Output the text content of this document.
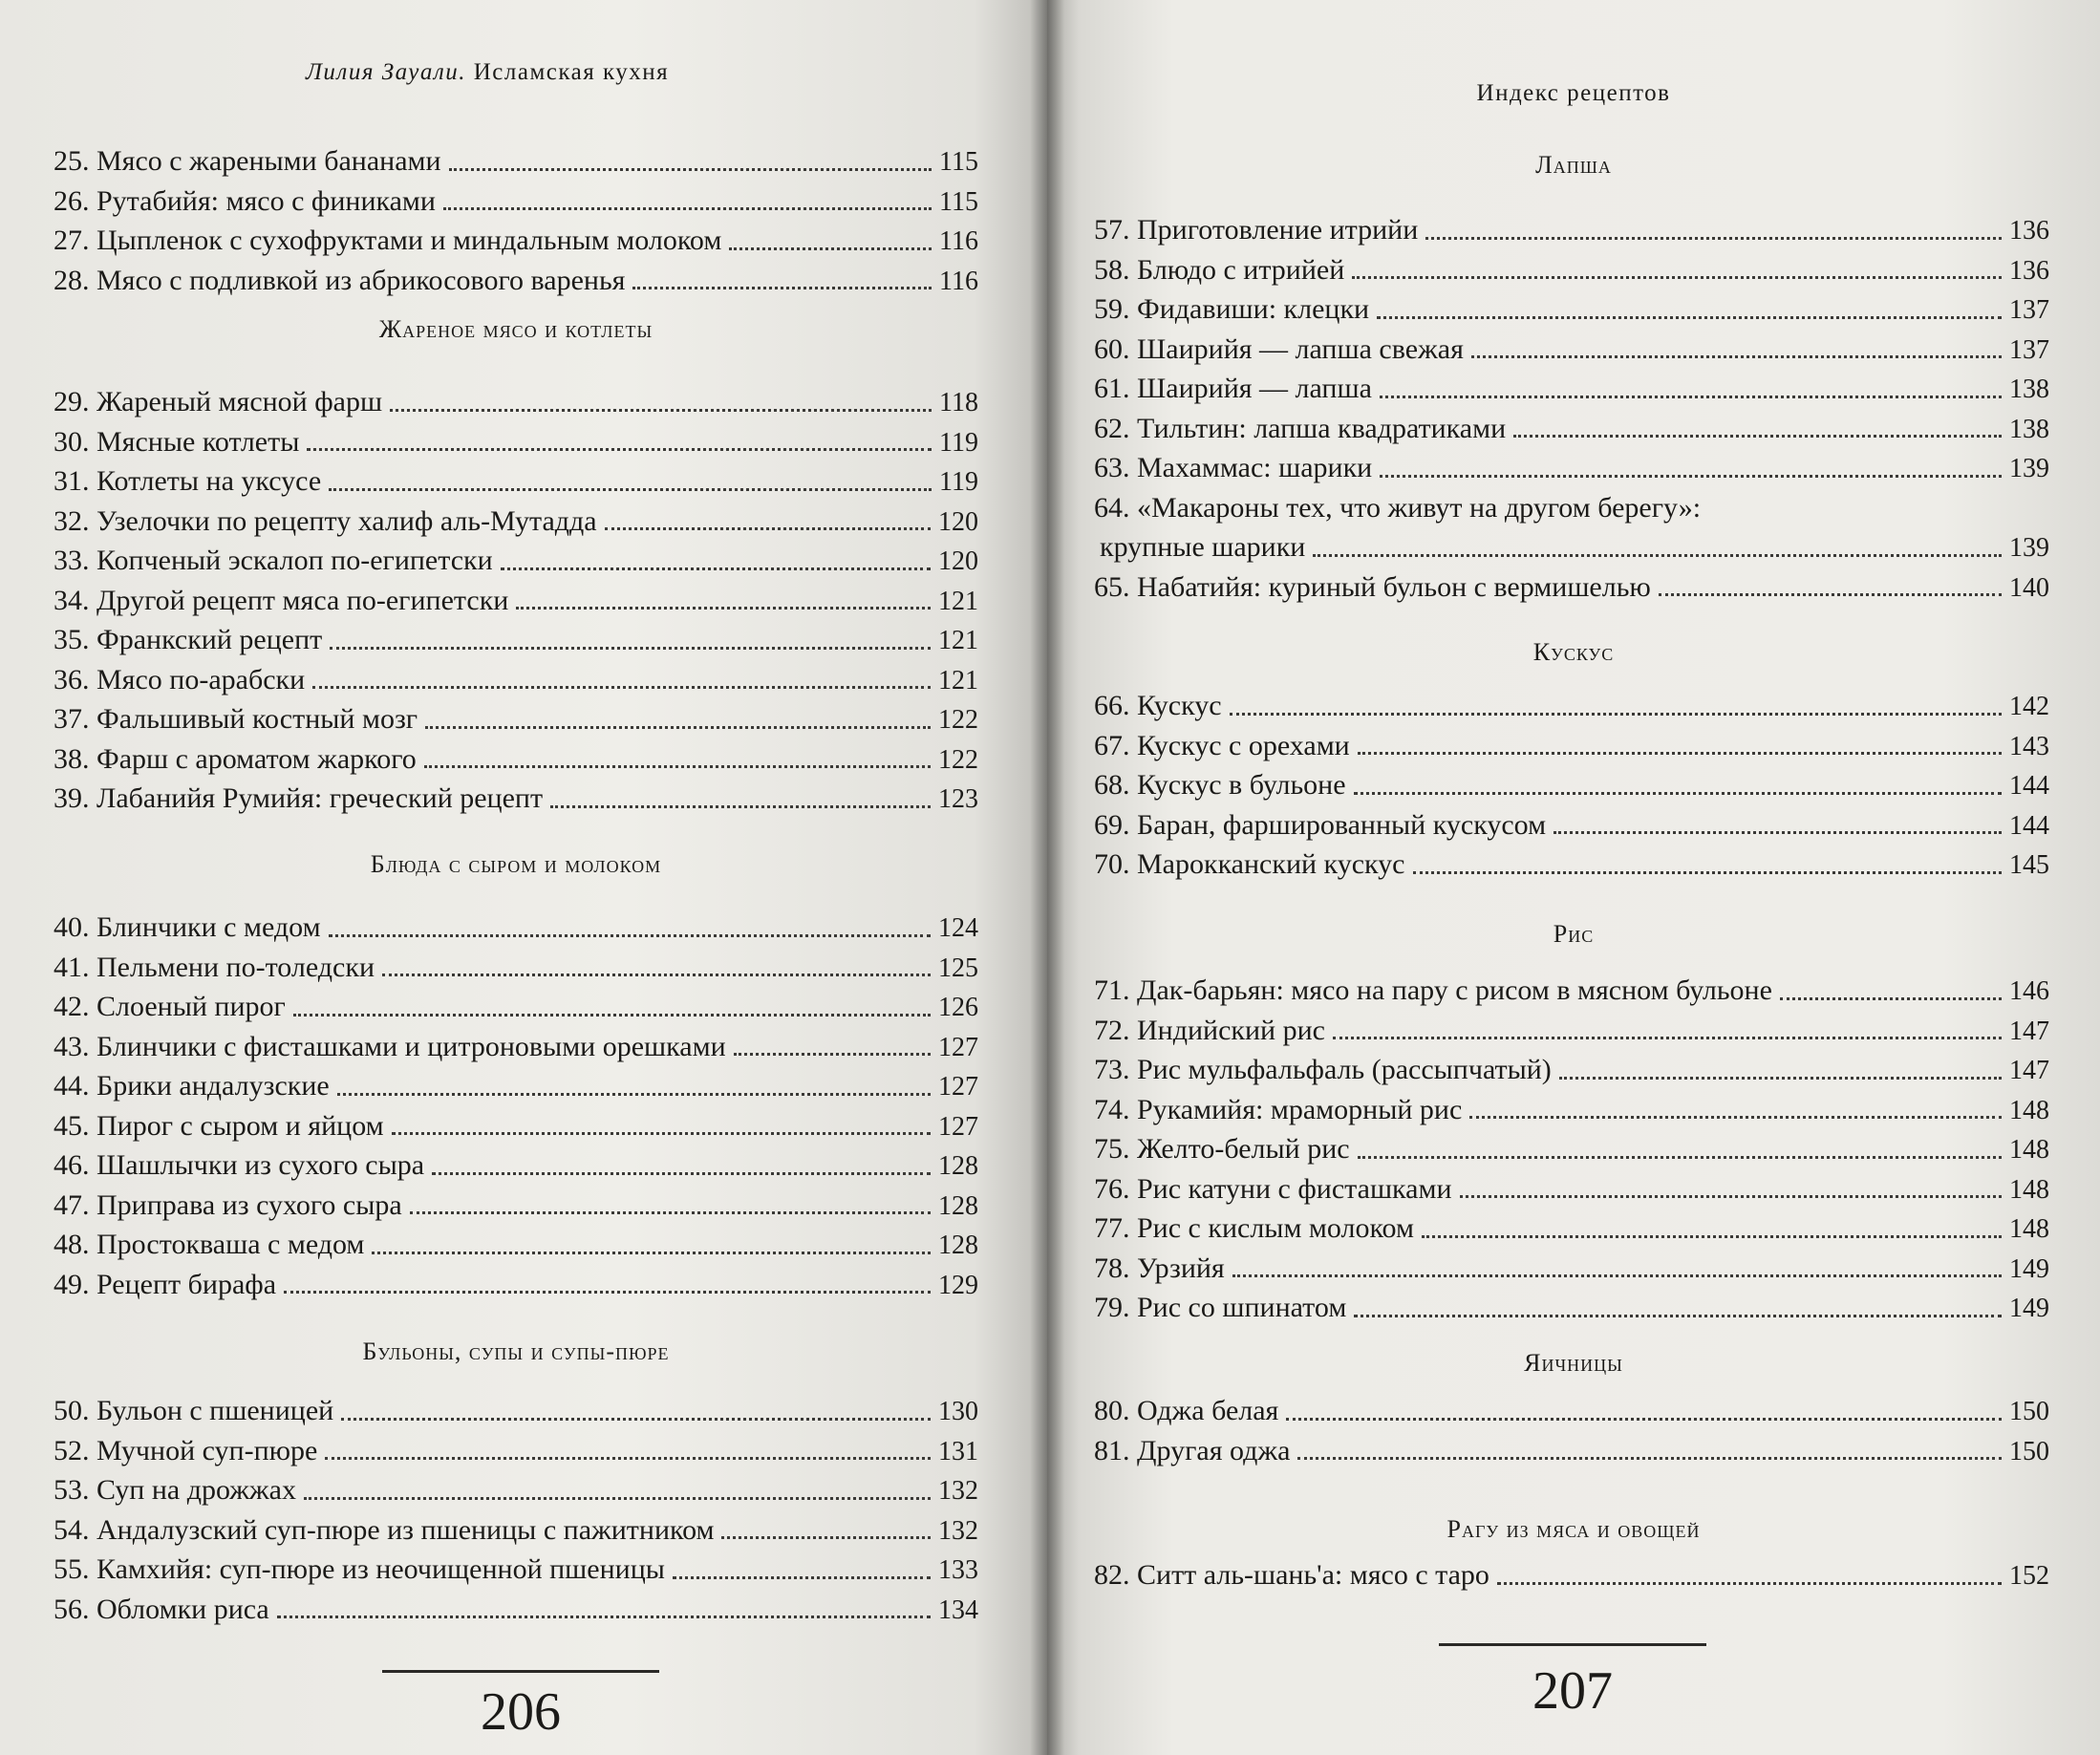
Лилия Зауали. Исламская кухня
206
25. Мясо с жареными бананами	115
26. Рутабийя: мясо с финиками	115
27. Цыпленок с сухофруктами и миндальным молоком	116
28. Мясо с подливкой из абрикосового варенья	116
Жареное мясо и котлеты
29. Жареный мясной фарш	118
30. Мясные котлеты	119
31. Котлеты на уксусе	119
32. Узелочки по рецепту халиф аль-Мутадда	120
33. Копченый эскалоп по-египетски	120
34. Другой рецепт мяса по-египетски	121
35. Франкский рецепт	121
36. Мясо по-арабски	121
37. Фальшивый костный мозг	122
38. Фарш с ароматом жаркого	122
39. Лабанийя Румийя: греческий рецепт	123
Блюда с сыром и молоком
40. Блинчики с медом	124
41. Пельмени по-толедски	125
42. Слоеный пирог	126
43. Блинчики с фисташками и цитроновыми орешками	127
44. Брики андалузские	127
45. Пирог с сыром и яйцом	127
46. Шашлычки из сухого сыра	128
47. Приправа из сухого сыра	128
48. Простокваша с медом	128
49. Рецепт бирафа	129
Бульоны, супы и супы-пюре
50. Бульон с пшеницей	130
52. Мучной суп-пюре	131
53. Суп на дрожжах	132
54. Андалузский суп-пюре из пшеницы с пажитником	132
55. Камхийя: суп-пюре из неочищенной пшеницы	133
56. Обломки риса	134
Индекс рецептов
207
Лапша
57. Приготовление итрийи	136
58. Блюдо с итрийей	136
59. Фидавиши: клецки	137
60. Шаирийя — лапша свежая	137
61. Шаирийя — лапша	138
62. Тильтин: лапша квадратиками	138
63. Махаммас: шарики	139
64. «Макароны тех, что живут на другом берегу»:
крупные шарики	139
65. Набатийя: куриный бульон с вермишелью	140
Кускус
66. Кускус	142
67. Кускус с орехами	143
68. Кускус в бульоне	144
69. Баран, фаршированный кускусом	144
70. Марокканский кускус	145
Рис
71. Дак-барьян: мясо на пару с рисом в мясном бульоне	146
72. Индийский рис	147
73. Рис мульфальфаль (рассыпчатый)	147
74. Рукамийя: мраморный рис	148
75. Желто-белый рис	148
76. Рис катуни с фисташками	148
77. Рис с кислым молоком	148
78. Урзийя	149
79. Рис со шпинатом	149
Яичницы
80. Оджа белая	150
81. Другая оджа	150
Рагу из мяса и овощей
82. Ситт аль-шань'а: мясо с таро	152
